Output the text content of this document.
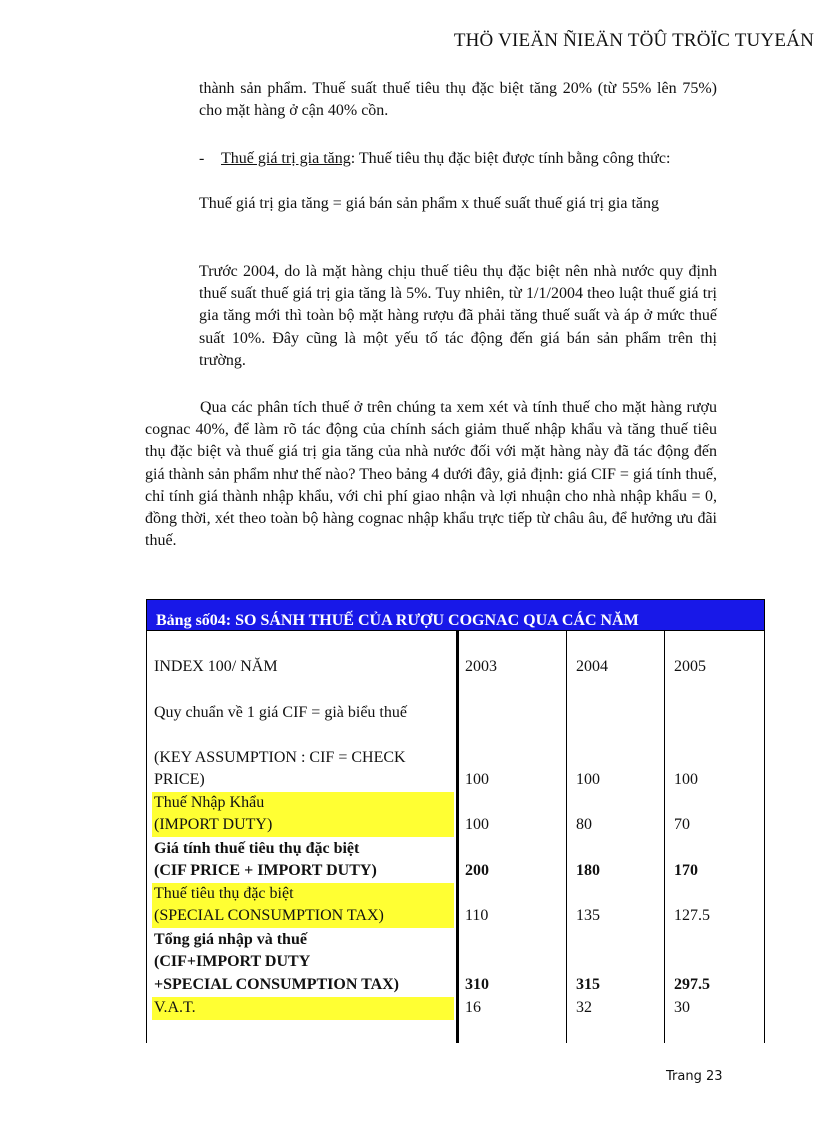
THÖ VIEÄN ÑIEÄN TÖÛ TRÖÏC TUYEÁN

thành sản phẩm. Thuế suất thuế tiêu thụ đặc biệt tăng 20% (từ 55% lên 75%) cho mặt hàng ở cận 40% cồn.

- Thuế giá trị gia tăng: Thuế tiêu thụ đặc biệt được tính bằng công thức:

Thuế giá trị gia tăng = giá bán sản phẩm x thuế suất thuế giá trị gia tăng

Trước 2004, do là mặt hàng chịu thuế tiêu thụ đặc biệt nên nhà nước quy định thuế suất thuế giá trị gia tăng là 5%. Tuy nhiên, từ 1/1/2004 theo luật thuế giá trị gia tăng mới thì toàn bộ mặt hàng rượu đã phải tăng thuế suất và áp ở mức thuế suất 10%. Đây cũng là một yếu tố tác động đến giá bán sản phẩm trên thị trường.

Qua các phân tích thuế ở trên chúng ta xem xét và tính thuế cho mặt hàng rượu cognac 40%, để làm rõ tác động của chính sách giảm thuế nhập khẩu và tăng thuế tiêu thụ đặc biệt và thuế giá trị gia tăng của nhà nước đối với mặt hàng này đã tác động đến giá thành sản phẩm như thế nào? Theo bảng 4 dưới đây, giả định: giá CIF = giá tính thuế, chỉ tính giá thành nhập khẩu, với chi phí giao nhận và lợi nhuận cho nhà nhập khẩu = 0, đồng thời, xét theo toàn bộ hàng cognac nhập khẩu trực tiếp từ châu âu, để hưởng ưu đãi thuế.

Bảng số04: SO SÁNH THUẾ CỦA RƯỢU COGNAC QUA CÁC NĂM
INDEX 100/ NĂM	2003	2004	2005
Quy chuẩn về 1 giá CIF = già biểu thuế
(KEY ASSUMPTION : CIF = CHECK PRICE)	100	100	100
Thuế Nhập Khẩu
(IMPORT DUTY)	100	80	70
Giá tính thuế tiêu thụ đặc biệt
(CIF PRICE + IMPORT DUTY)	200	180	170
Thuế tiêu thụ đặc biệt
(SPECIAL CONSUMPTION TAX)	110	135	127.5
Tổng giá nhập và thuế
(CIF+IMPORT DUTY
+SPECIAL CONSUMPTION TAX)	310	315	297.5
V.A.T.	16	32	30
Trang 23
